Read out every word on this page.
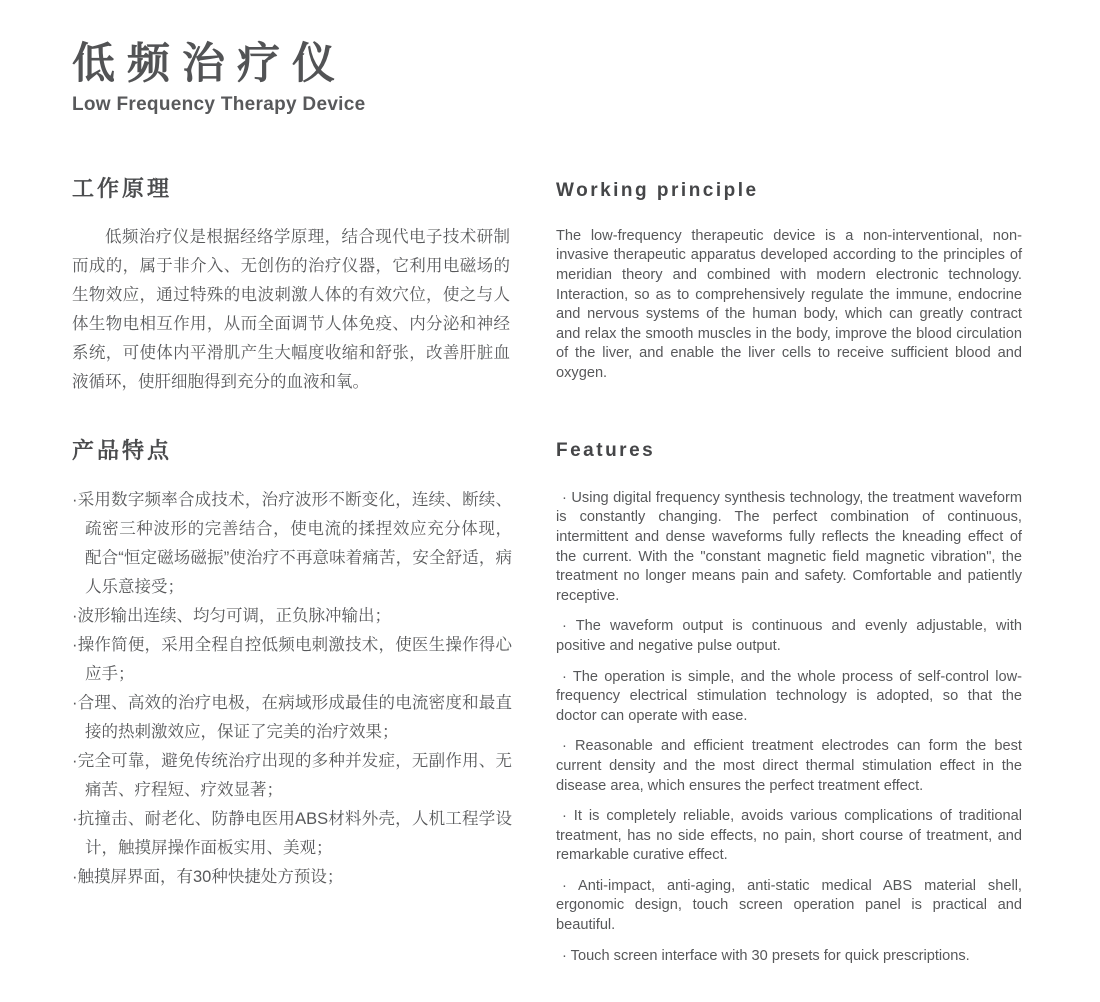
低频治疗仪
Low Frequency Therapy Device
工作原理
低频治疗仪是根据经络学原理，结合现代电子技术研制而成的，属于非介入、无创伤的治疗仪器，它利用电磁场的生物效应，通过特殊的电波刺激人体的有效穴位，使之与人体生物电相互作用，从而全面调节人体免疫、内分泌和神经系统，可使体内平滑肌产生大幅度收缩和舒张，改善肝脏血液循环，使肝细胞得到充分的血液和氧。
Working principle
The low-frequency therapeutic device is a non-interventional, non-invasive therapeutic apparatus developed according to the principles of meridian theory and combined with modern electronic technology. Interaction, so as to comprehensively regulate the immune, endocrine and nervous systems of the human body, which can greatly contract and relax the smooth muscles in the body, improve the blood circulation of the liver, and enable the liver cells to receive sufficient blood and oxygen.
产品特点

·采用数字频率合成技术，治疗波形不断变化，连续、断续、疏密三种波形的完善结合，使电流的揉捏效应充分体现，配合“恒定磁场磁振”使治疗不再意味着痛苦，安全舒适，病人乐意接受；

·波形输出连续、均匀可调，正负脉冲输出；

·操作简便，采用全程自控低频电刺激技术，使医生操作得心应手；

·合理、高效的治疗电极，在病域形成最佳的电流密度和最直接的热刺激效应，保证了完美的治疗效果；

·完全可靠，避免传统治疗出现的多种并发症，无副作用、无痛苦、疗程短、疗效显著；

·抗撞击、耐老化、防静电医用ABS材料外壳，人机工程学设计，触摸屏操作面板实用、美观；

·触摸屏界面，有30种快捷处方预设；

Features

· Using digital frequency synthesis technology, the treatment waveform is constantly changing. The perfect combination of continuous, intermittent and dense waveforms fully reflects the kneading effect of the current. With the "constant magnetic field magnetic vibration", the treatment no longer means pain and safety. Comfortable and patiently receptive.

· The waveform output is continuous and evenly adjustable, with positive and negative pulse output.

· The operation is simple, and the whole process of self-control low-frequency electrical stimulation technology is adopted, so that the doctor can operate with ease.

· Reasonable and efficient treatment electrodes can form the best current density and the most direct thermal stimulation effect in the disease area, which ensures the perfect treatment effect.

· It is completely reliable, avoids various complications of traditional treatment, has no side effects, no pain, short course of treatment, and remarkable curative effect.

· Anti-impact, anti-aging, anti-static medical ABS material shell, ergonomic design, touch screen operation panel is practical and beautiful.

· Touch screen interface with 30 presets for quick prescriptions.
